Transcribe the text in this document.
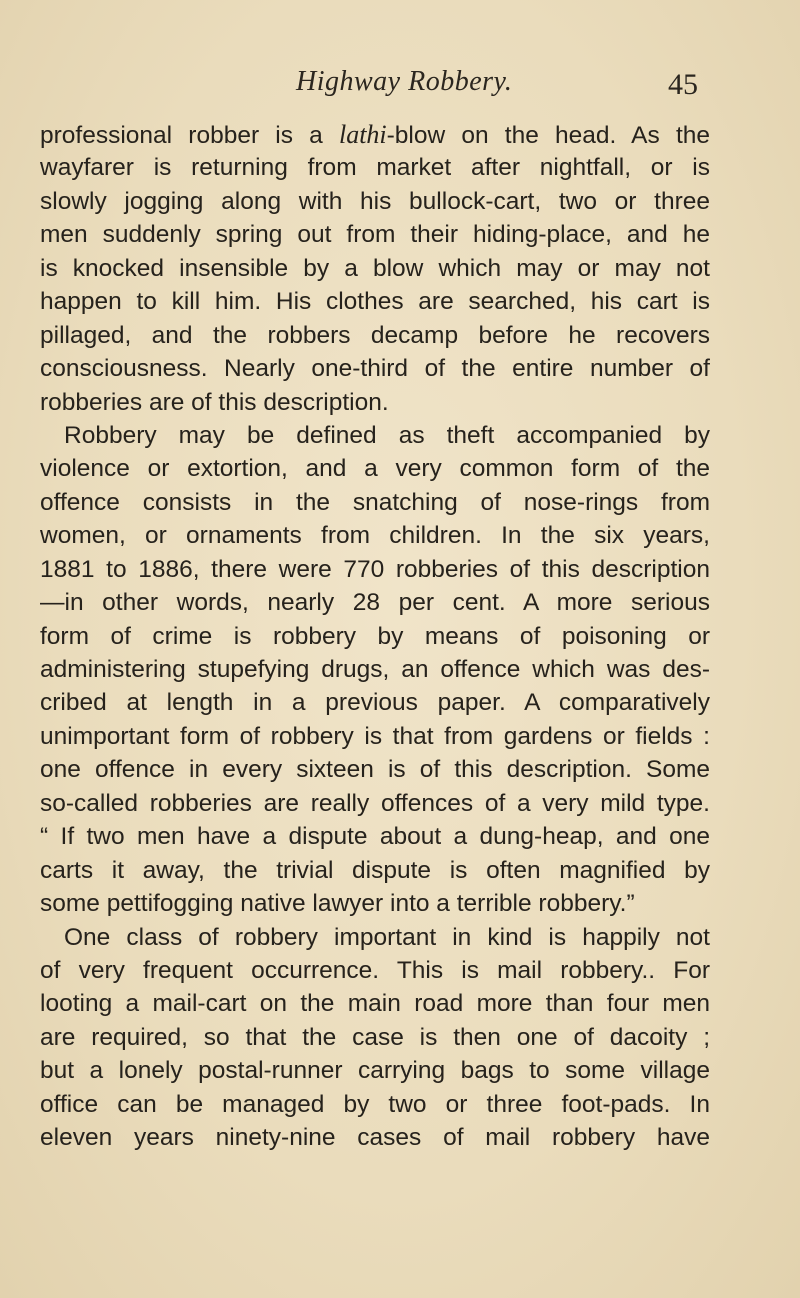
Highway Robbery.	45
professional robber is a lathi-blow on the head. As the
wayfarer is returning from market after nightfall, or is
slowly jogging along with his bullock-cart, two or three
men suddenly spring out from their hiding-place, and he
is knocked insensible by a blow which may or may not
happen to kill him. His clothes are searched, his cart is
pillaged, and the robbers decamp before he recovers
consciousness. Nearly one-third of the entire number of
robberies are of this description.
Robbery may be defined as theft accompanied by
violence or extortion, and a very common form of the
offence consists in the snatching of nose-rings from
women, or ornaments from children. In the six years,
1881 to 1886, there were 770 robberies of this description
—in other words, nearly 28 per cent. A more serious
form of crime is robbery by means of poisoning or
administering stupefying drugs, an offence which was des-
cribed at length in a previous paper. A comparatively
unimportant form of robbery is that from gardens or fields :
one offence in every sixteen is of this description. Some
so-called robberies are really offences of a very mild type.
“ If two men have a dispute about a dung-heap, and one
carts it away, the trivial dispute is often magnified by
some pettifogging native lawyer into a terrible robbery.”
One class of robbery important in kind is happily not
of very frequent occurrence. This is mail robbery.. For
looting a mail-cart on the main road more than four men
are required, so that the case is then one of dacoity ;
but a lonely postal-runner carrying bags to some village
office can be managed by two or three foot-pads. In
eleven years ninety-nine cases of mail robbery have
